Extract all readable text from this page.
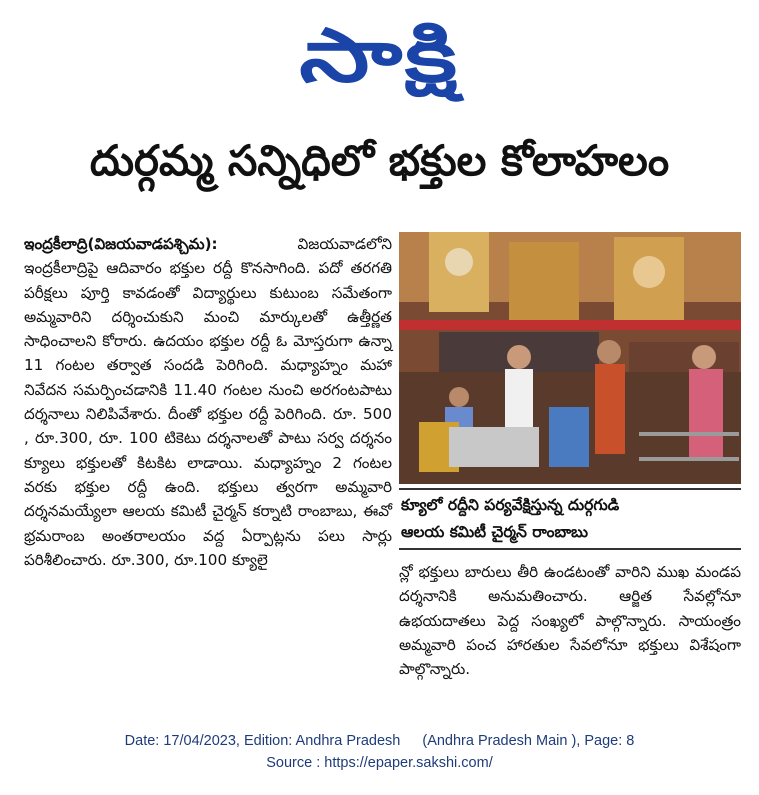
సాక్షి
దుర్గమ్మ సన్నిధిలో భక్తుల కోలాహలం
ఇంద్రకీలాద్రి(విజయవాడపశ్చిమ):	విజయవాడలోని ఇంద్రకీలాద్రిపై ఆదివారం భక్తుల రద్దీ కొనసాగింది. పదో తరగతి పరీక్షలు పూర్తి కావడంతో విద్యార్థులు కుటుంబ సమేతంగా అమ్మవారిని దర్శించుకుని మంచి మార్కులతో ఉత్తీర్ణత సాధించాలని కోరారు. ఉదయం భక్తుల రద్దీ ఓ మోస్తరుగా ఉన్నా 11 గంటల తర్వాత సందడి పెరిగింది. మధ్యాహ్నం మహా నివేదన సమర్పించడానికి 11.40 గంటల నుంచి అరగంటపాటు దర్శనాలు నిలిపివేశారు. దీంతో భక్తుల రద్దీ పెరిగింది. రూ. 500 , రూ.300, రూ. 100 టికెటు దర్శనాలతో పాటు సర్వ దర్శనం క్యూలు భక్తులతో కిటకిట లాడాయి. మధ్యాహ్నం 2 గంటల వరకు భక్తుల రద్దీ ఉంది. భక్తులు త్వరగా అమ్మవారి దర్శనమయ్యేలా ఆలయ కమిటీ చైర్మన్ కర్నాటి రాంబాబు, ఈవో భ్రమరాంబ అంతరాలయం వద్ద ఏర్పాట్లను పలు సార్లు పరిశీలించారు. రూ.300, రూ.100 క్యూలై
క్యూలో రద్దీని పర్యవేక్షిస్తున్న దుర్గగుడి
ఆలయ కమిటీ చైర్మన్ రాంబాబు
న్లో భక్తులు బారులు తీరి ఉండటంతో వారిని ముఖ మండప దర్శనానికి అనుమతించారు. ఆర్జిత సేవల్లోనూ ఉభయదాతలు పెద్ద సంఖ్యలో పాల్గొన్నారు. సాయంత్రం అమ్మవారి పంచ హారతుల సేవలోనూ భక్తులు విశేషంగా పాల్గొన్నారు.
Date: 17/04/2023, Edition: Andhra Pradesh (Andhra Pradesh Main ), Page: 8
Source : https://epaper.sakshi.com/
